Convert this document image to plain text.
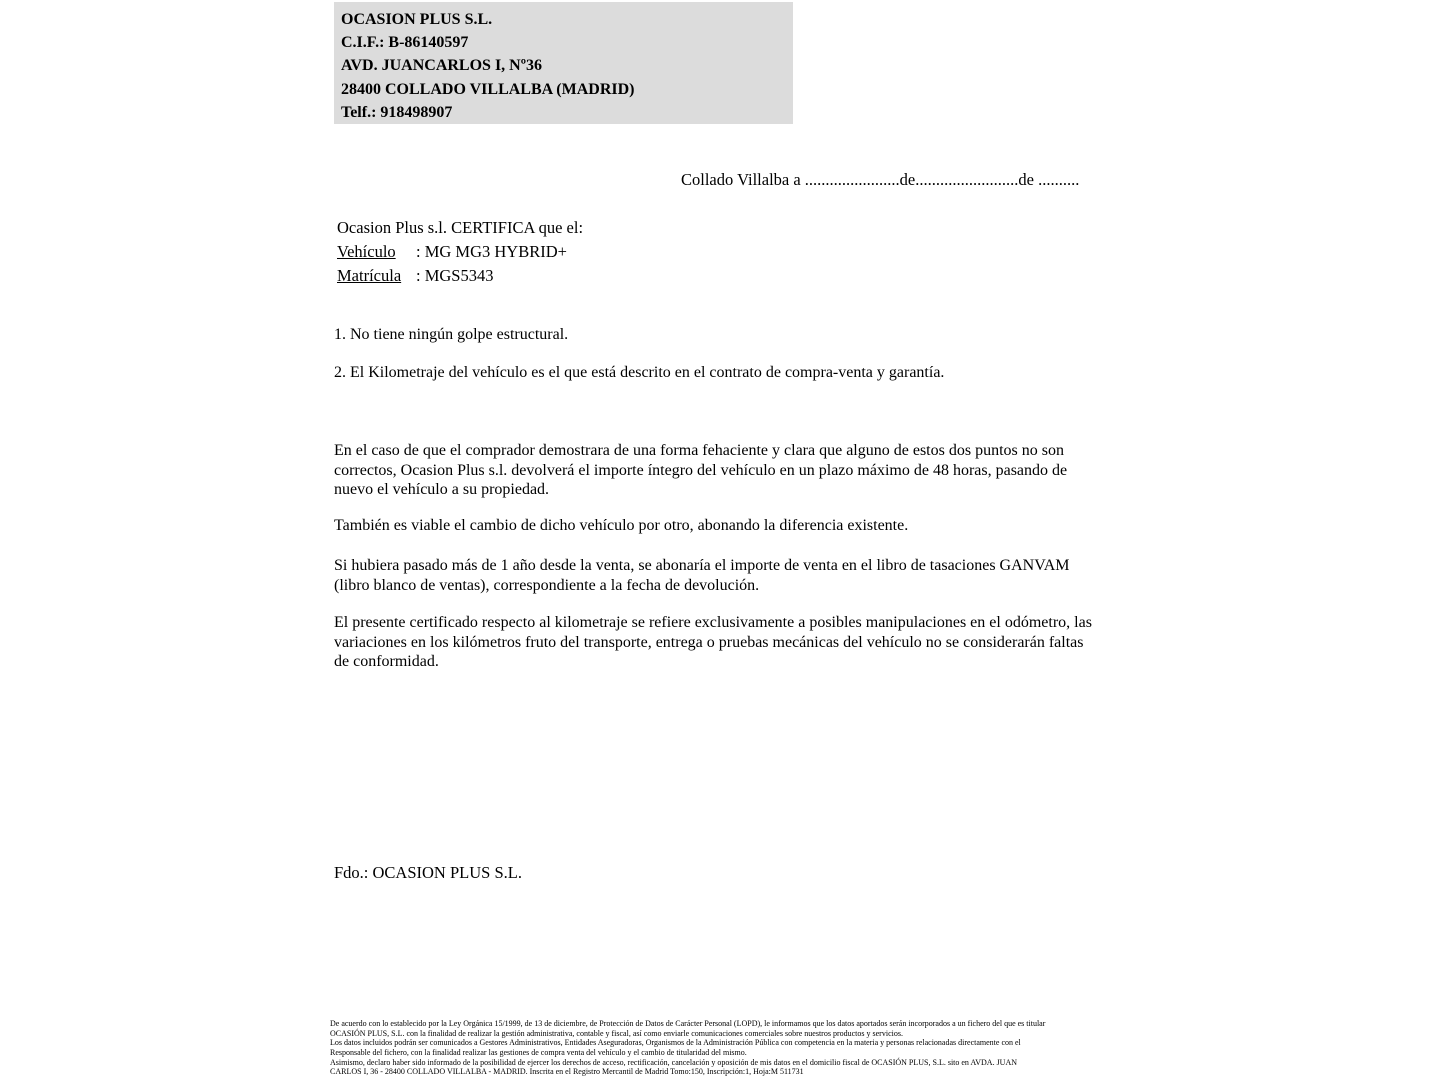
OCASION PLUS S.L.
C.I.F.: B-86140597
AVD. JUANCARLOS I, Nº36
28400 COLLADO VILLALBA (MADRID)
Telf.: 918498907
Collado Villalba a .......................de.........................de ..........
Ocasion Plus s.l. CERTIFICA que el:
Vehículo	: MG MG3 HYBRID+
Matrícula : MGS5343
1. No tiene ningún golpe estructural.
2. El Kilometraje del vehículo es el que está descrito en el contrato de compra-venta y garantía.
En el caso de que el comprador demostrara de una forma fehaciente y clara que alguno de estos dos puntos no son correctos, Ocasion Plus s.l. devolverá el importe íntegro del vehículo en un plazo máximo de 48 horas, pasando de nuevo el vehículo a su propiedad.
También es viable el cambio de dicho vehículo por otro, abonando la diferencia existente.
Si hubiera pasado más de 1 año desde la venta, se abonaría el importe de venta en el libro de tasaciones GANVAM (libro blanco de ventas), correspondiente a la fecha de devolución.
El presente certificado respecto al kilometraje se refiere exclusivamente a posibles manipulaciones en el odómetro, las variaciones en los kilómetros fruto del transporte, entrega o pruebas mecánicas del vehículo no se considerarán faltas de conformidad.
Fdo.: OCASION PLUS S.L.
De acuerdo con lo establecido por la Ley Orgánica 15/1999, de 13 de diciembre, de Protección de Datos de Carácter Personal (LOPD), le informamos que los datos aportados serán incorporados a un fichero del que es titular
OCASIÓN PLUS, S.L. con la finalidad de realizar la gestión administrativa, contable y fiscal, así como enviarle comunicaciones comerciales sobre nuestros productos y servicios.
Los datos incluidos podrán ser comunicados a Gestores Administrativos, Entidades Aseguradoras, Organismos de la Administración Pública con competencia en la materia y personas relacionadas directamente con el
Responsable del fichero, con la finalidad realizar las gestiones de compra venta del vehículo y el cambio de titularidad del mismo.
Asimismo, declaro haber sido informado de la posibilidad de ejercer los derechos de acceso, rectificación, cancelación y oposición de mis datos en el domicilio fiscal de OCASIÓN PLUS, S.L. sito en AVDA. JUAN
CARLOS I, 36 - 28400 COLLADO VILLALBA - MADRID. Inscrita en el Registro Mercantil de Madrid Tomo:150, Inscripción:1, Hoja:M 511731
